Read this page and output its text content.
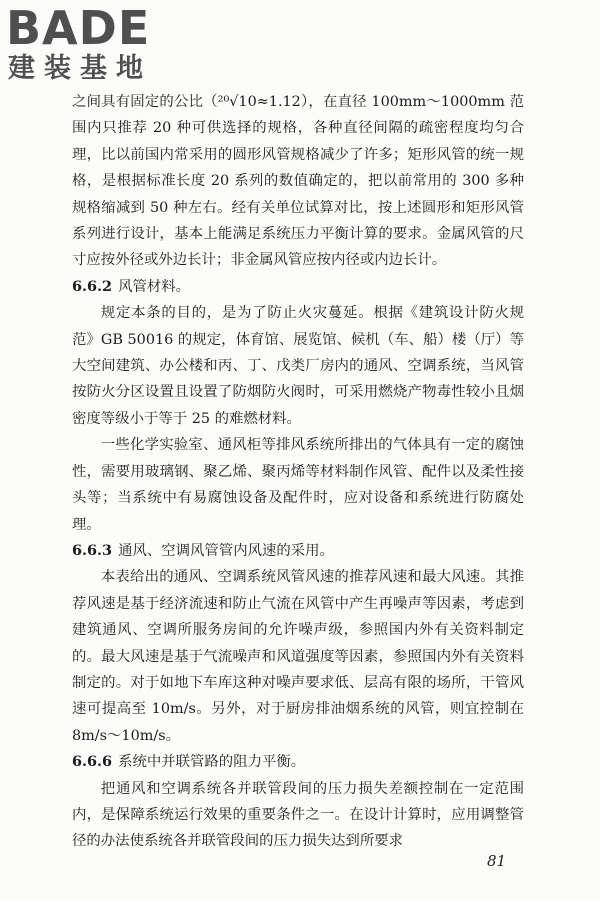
BADE
建装基地

之间具有固定的公比（²⁰√10≈1.12），在直径 100mm～1000mm 范围内只推荐 20 种可供选择的规格，各种直径间隔的疏密程度均匀合理，比以前国内常采用的圆形风管规格减少了许多；矩形风管的统一规格，是根据标准长度 20 系列的数值确定的，把以前常用的 300 多种规格缩减到 50 种左右。经有关单位试算对比，按上述圆形和矩形风管系列进行设计，基本上能满足系统压力平衡计算的要求。金属风管的尺寸应按外径或外边长计；非金属风管应按内径或内边长计。

6.6.2 风管材料。

规定本条的目的，是为了防止火灾蔓延。根据《建筑设计防火规范》GB 50016 的规定，体育馆、展览馆、候机（车、船）楼（厅）等大空间建筑、办公楼和丙、丁、戊类厂房内的通风、空调系统，当风管按防火分区设置且设置了防烟防火阀时，可采用燃烧产物毒性较小且烟密度等级小于等于 25 的难燃材料。

一些化学实验室、通风柜等排风系统所排出的气体具有一定的腐蚀性，需要用玻璃钢、聚乙烯、聚丙烯等材料制作风管、配件以及柔性接头等；当系统中有易腐蚀设备及配件时，应对设备和系统进行防腐处理。

6.6.3 通风、空调风管管内风速的采用。

本表给出的通风、空调系统风管风速的推荐风速和最大风速。其推荐风速是基于经济流速和防止气流在风管中产生再噪声等因素，考虑到建筑通风、空调所服务房间的允许噪声级，参照国内外有关资料制定的。最大风速是基于气流噪声和风道强度等因素，参照国内外有关资料制定的。对于如地下车库这种对噪声要求低、层高有限的场所，干管风速可提高至 10m/s。另外，对于厨房排油烟系统的风管，则宜控制在 8m/s～10m/s。

6.6.6 系统中并联管路的阻力平衡。

把通风和空调系统各并联管段间的压力损失差额控制在一定范围内，是保障系统运行效果的重要条件之一。在设计计算时，应用调整管径的办法使系统各并联管段间的压力损失达到所要求

81
